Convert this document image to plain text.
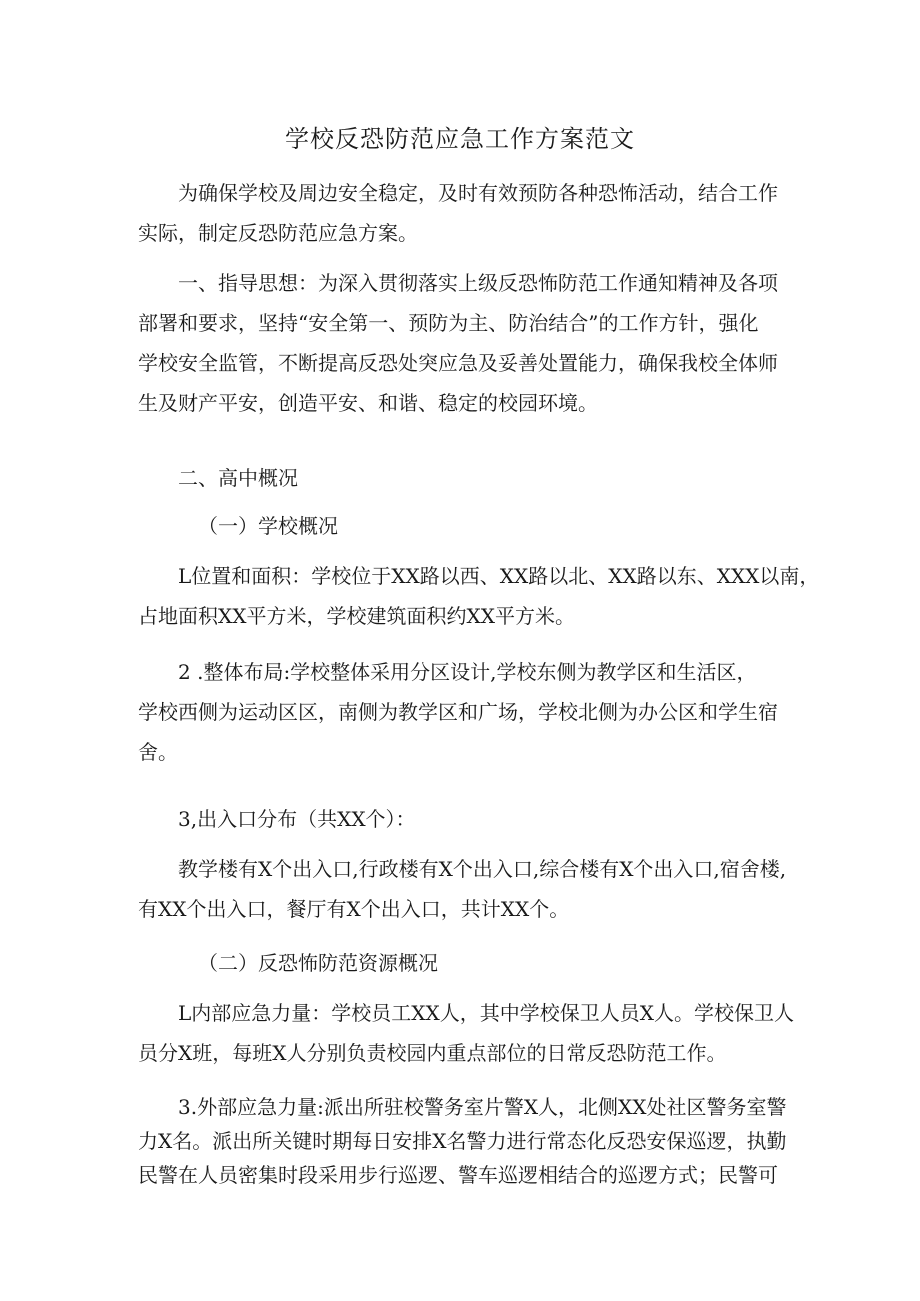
学校反恐防范应急工作方案范文

为确保学校及周边安全稳定，及时有效预防各种恐怖活动，结合工作
实际，制定反恐防范应急方案。

一、指导思想：为深入贯彻落实上级反恐怖防范工作通知精神及各项
部署和要求，坚持“安全第一、预防为主、防治结合”的工作方针，强化
学校安全监管，不断提高反恐处突应急及妥善处置能力，确保我校全体师
生及财产平安，创造平安、和谐、稳定的校园环境。

二、高中概况

（一）学校概况

L位置和面积：学校位于XX路以西、XX路以北、XX路以东、XXX以南，
占地面积XX平方米，学校建筑面积约XX平方米。

2 .整体布局:学校整体采用分区设计,学校东侧为教学区和生活区，
学校西侧为运动区区，南侧为教学区和广场，学校北侧为办公区和学生宿
舍。

3,出入口分布（共XX个）：

教学楼有X个出入口,行政楼有X个出入口,综合楼有X个出入口,宿舍楼,
有XX个出入口，餐厅有X个出入口，共计XX个。

（二）反恐怖防范资源概况

L内部应急力量：学校员工XX人，其中学校保卫人员X人。学校保卫人
员分X班，每班X人分别负责校园内重点部位的日常反恐防范工作。

3.外部应急力量:派出所驻校警务室片警X人，北侧XX处社区警务室警
力X名。派出所关键时期每日安排X名警力进行常态化反恐安保巡逻，执勤
民警在人员密集时段采用步行巡逻、警车巡逻相结合的巡逻方式；民警可
